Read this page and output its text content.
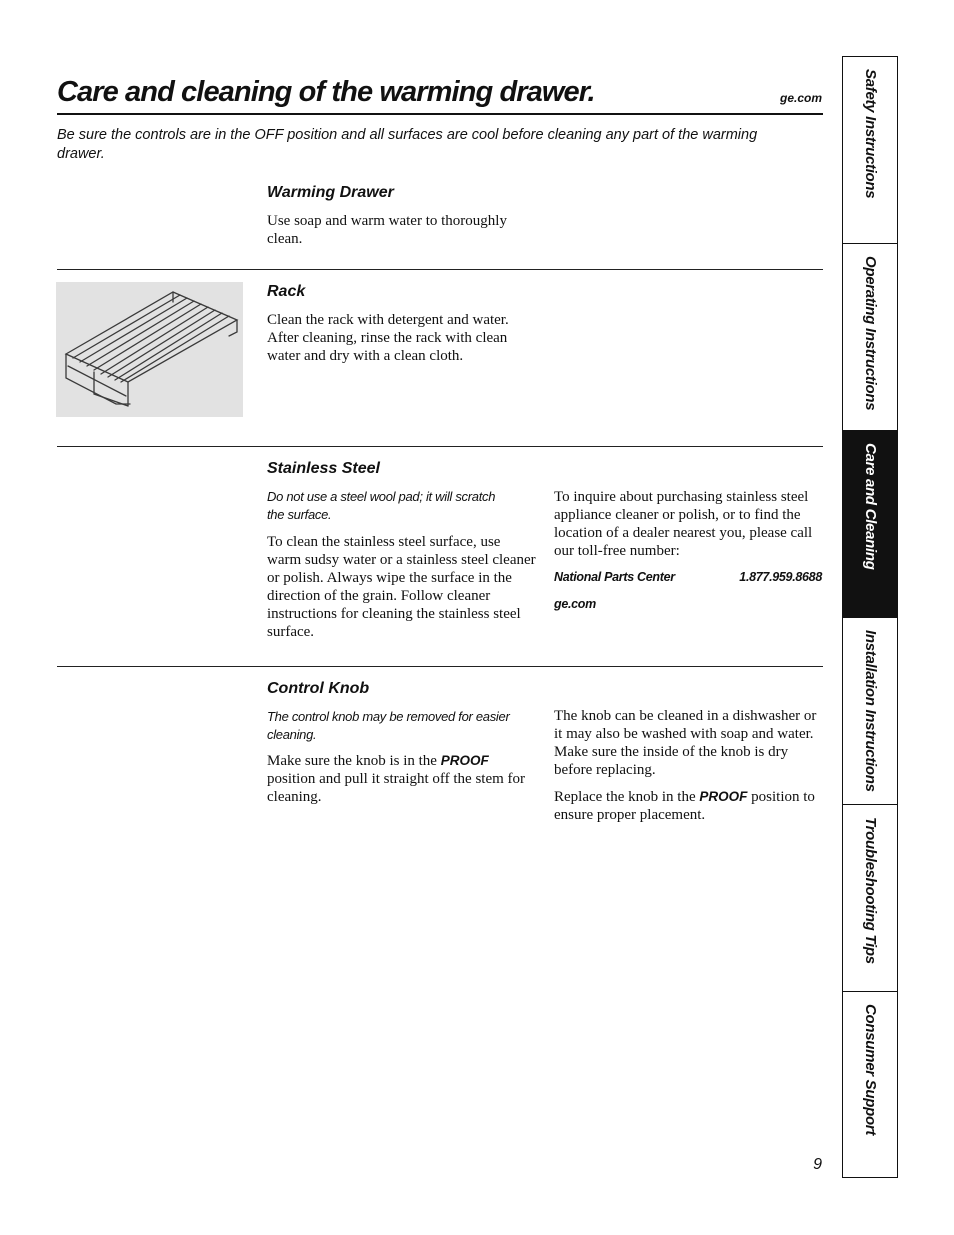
Care and cleaning of the warming drawer.	ge.com

Be sure the controls are in the OFF position and all surfaces are cool before cleaning any part of the warming drawer.

Warming Drawer

Use soap and warm water to thoroughly clean.

Rack

Clean the rack with detergent and water. After cleaning, rinse the rack with clean water and dry with a clean cloth.

Stainless Steel

Do not use a steel wool pad; it will scratch the surface.

To clean the stainless steel surface, use warm sudsy water or a stainless steel cleaner or polish. Always wipe the surface in the direction of the grain. Follow cleaner instructions for cleaning the stainless steel surface.

To inquire about purchasing stainless steel appliance cleaner or polish, or to find the location of a dealer nearest you, please call our toll-free number:

National Parts Center	1.877.959.8688
ge.com
Control Knob

The control knob may be removed for easier cleaning.

Make sure the knob is in the PROOF position and pull it straight off the stem for cleaning.

The knob can be cleaned in a dishwasher or it may also be washed with soap and water. Make sure the inside of the knob is dry before replacing.

Replace the knob in the PROOF position to ensure proper placement.

Safety Instructions
Operating Instructions
Care and Cleaning
Installation Instructions
Troubleshooting Tips
Consumer Support
9
